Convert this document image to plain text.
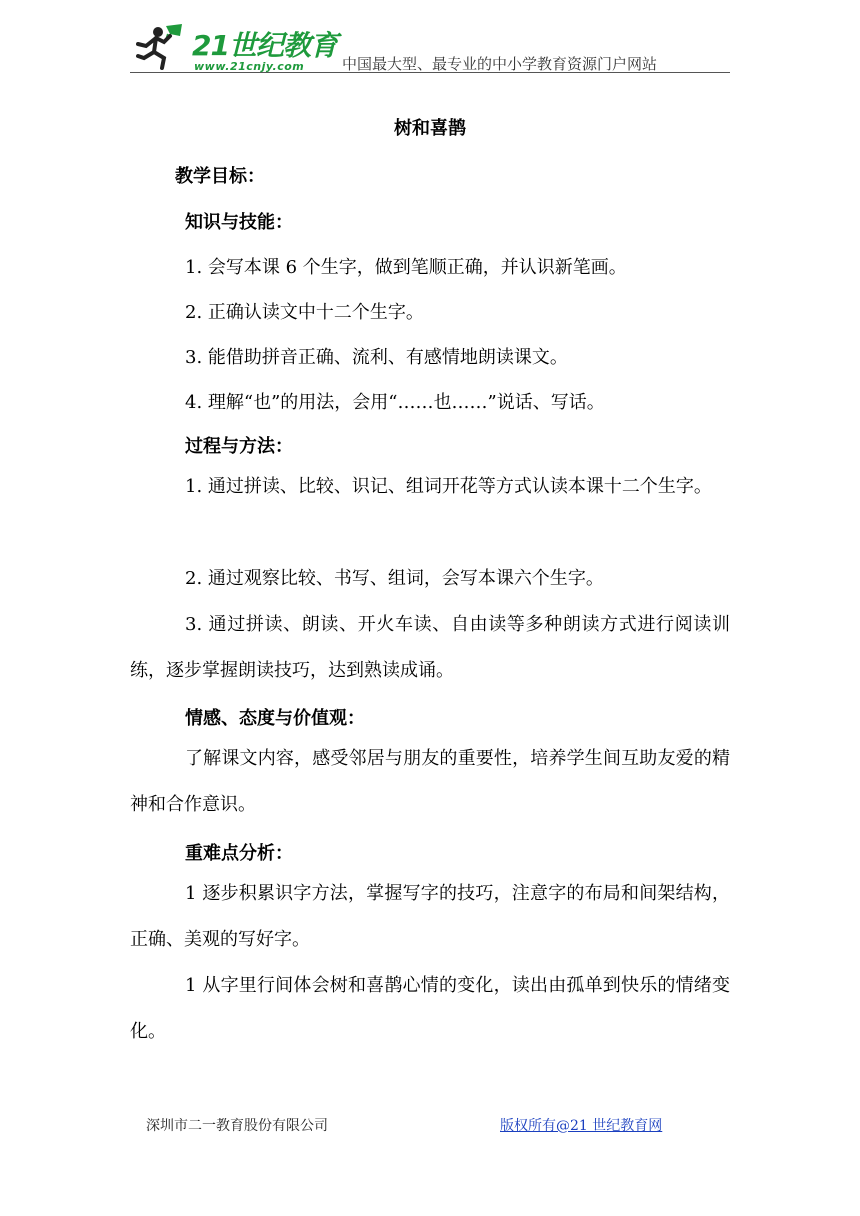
21世纪教育
www.21cnjy.com	中国最大型、最专业的中小学教育资源门户网站
树和喜鹊
教学目标：
知识与技能：
1. 会写本课 6 个生字，做到笔顺正确，并认识新笔画。
2. 正确认读文中十二个生字。
3. 能借助拼音正确、流利、有感情地朗读课文。
4. 理解“也”的用法，会用“……也……”说话、写话。
过程与方法：
1. 通过拼读、比较、识记、组词开花等方式认读本课十二个生字。
2. 通过观察比较、书写、组词，会写本课六个生字。
3. 通过拼读、朗读、开火车读、自由读等多种朗读方式进行阅读训练，逐步掌握朗读技巧，达到熟读成诵。
情感、态度与价值观：
了解课文内容，感受邻居与朋友的重要性，培养学生间互助友爱的精神和合作意识。
重难点分析：
1 逐步积累识字方法，掌握写字的技巧，注意字的布局和间架结构，正确、美观的写好字。
1 从字里行间体会树和喜鹊心情的变化，读出由孤单到快乐的情绪变化。
深圳市二一教育股份有限公司	版权所有@21 世纪教育网
